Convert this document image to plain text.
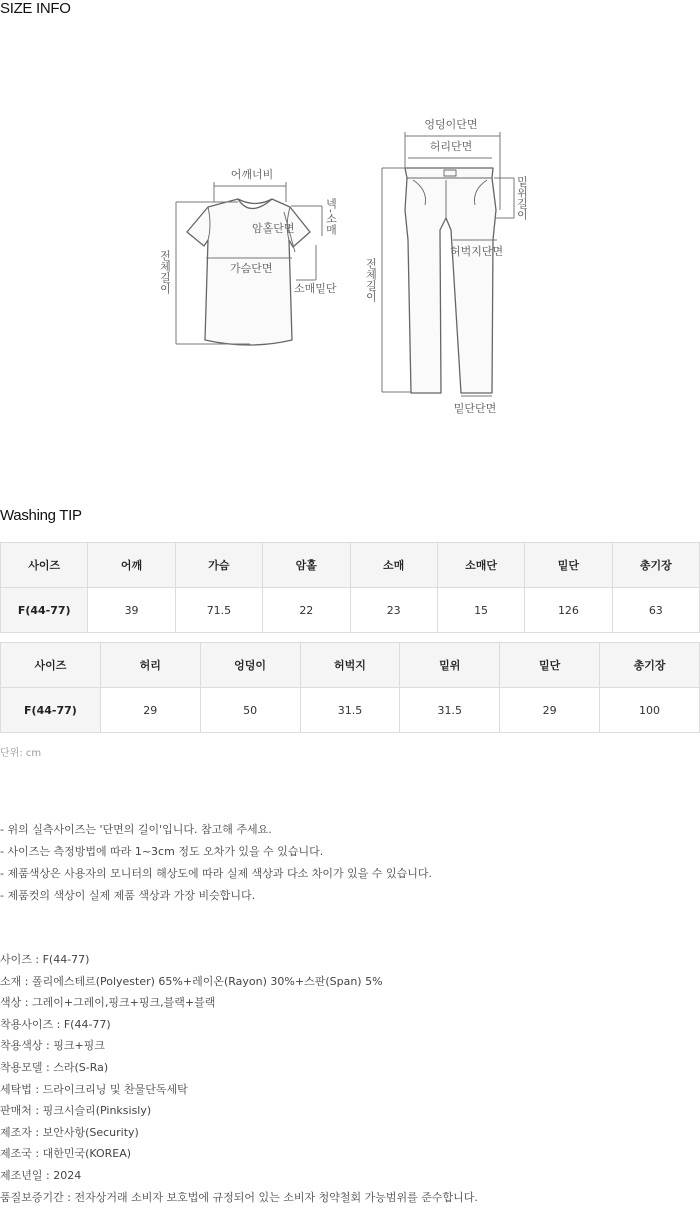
SIZE INFO
어깨너비
암홀단면
가슴단면
소매밑단
넥-소매
전체길이
엉덩이단면
허리단면
밑위길이
허벅지단면
전체길이
밑단단면
Washing TIP
사이즈	어깨	가슴	암홀	소매	소매단	밑단	총기장
F(44-77)	39	71.5	22	23	15	126	63
사이즈	허리	엉덩이	허벅지	밑위	밑단	총기장
F(44-77)	29	50	31.5	31.5	29	100
단위: cm
- 위의 실측사이즈는 '단면의 길이'입니다. 참고해 주세요.
- 사이즈는 측정방법에 따라 1~3cm 정도 오차가 있을 수 있습니다.
- 제품색상은 사용자의 모니터의 해상도에 따라 실제 색상과 다소 차이가 있을 수 있습니다.
- 제품컷의 색상이 실제 제품 색상과 가장 비슷합니다.
사이즈 : F(44-77)
소재 : 폴리에스테르(Polyester) 65%+레이온(Rayon) 30%+스판(Span) 5%
색상 : 그레이+그레이,핑크+핑크,블랙+블랙
착용사이즈 : F(44-77)
착용색상 : 핑크+핑크
착용모델 : 스라(S-Ra)
세탁법 : 드라이크리닝 및 찬물단독세탁
판매처 : 핑크시슬리(Pinksisly)
제조자 : 보안사항(Security)
제조국 : 대한민국(KOREA)
제조년일 : 2024
품질보증기간 : 전자상거래 소비자 보호법에 규정되어 있는 소비자 청약철회 가능범위를 준수합니다.
